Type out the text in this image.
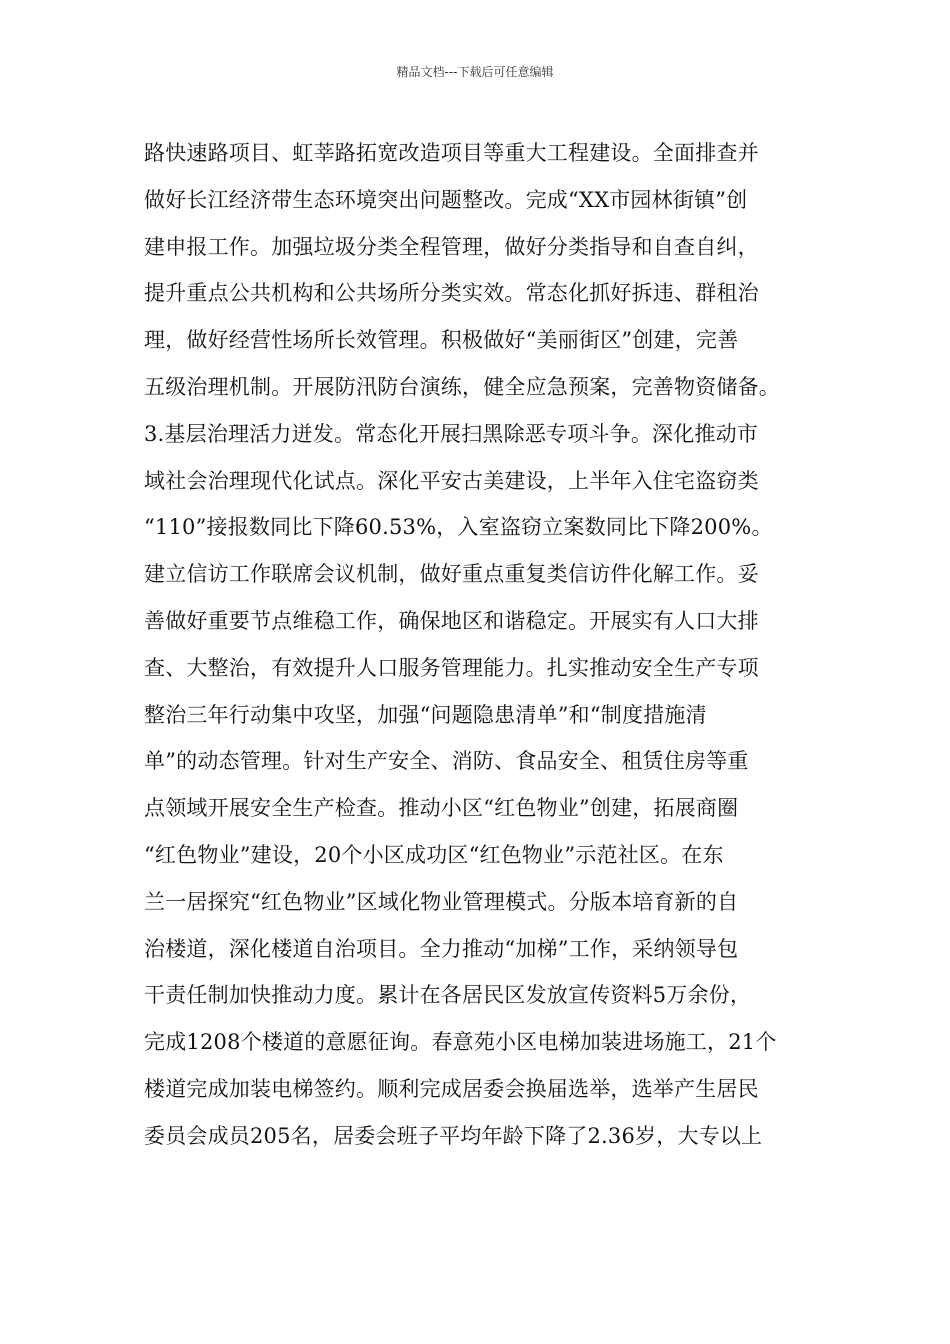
精品文档---下载后可任意编辑
路快速路项目、虹莘路拓宽改造项目等重大工程建设。全面排查并
做好长江经济带生态环境突出问题整改。完成“XX市园林街镇”创
建申报工作。加强垃圾分类全程管理，做好分类指导和自查自纠，
提升重点公共机构和公共场所分类实效。常态化抓好拆违、群租治
理，做好经营性场所长效管理。积极做好“美丽街区”创建，完善
五级治理机制。开展防汛防台演练，健全应急预案，完善物资储备。
3.基层治理活力迸发。常态化开展扫黑除恶专项斗争。深化推动市
域社会治理现代化试点。深化平安古美建设，上半年入住宅盗窃类
“110”接报数同比下降60.53%，入室盗窃立案数同比下降200%。
建立信访工作联席会议机制，做好重点重复类信访件化解工作。妥
善做好重要节点维稳工作，确保地区和谐稳定。开展实有人口大排
查、大整治，有效提升人口服务管理能力。扎实推动安全生产专项
整治三年行动集中攻坚，加强“问题隐患清单”和“制度措施清
单”的动态管理。针对生产安全、消防、食品安全、租赁住房等重
点领域开展安全生产检查。推动小区“红色物业”创建，拓展商圈
“红色物业”建设，20个小区成功区“红色物业”示范社区。在东
兰一居探究“红色物业”区域化物业管理模式。分版本培育新的自
治楼道，深化楼道自治项目。全力推动“加梯”工作，采纳领导包
干责任制加快推动力度。累计在各居民区发放宣传资料5万余份，
完成1208个楼道的意愿征询。春意苑小区电梯加装进场施工，21个
楼道完成加装电梯签约。顺利完成居委会换届选举，选举产生居民
委员会成员205名，居委会班子平均年龄下降了2.36岁，大专以上
